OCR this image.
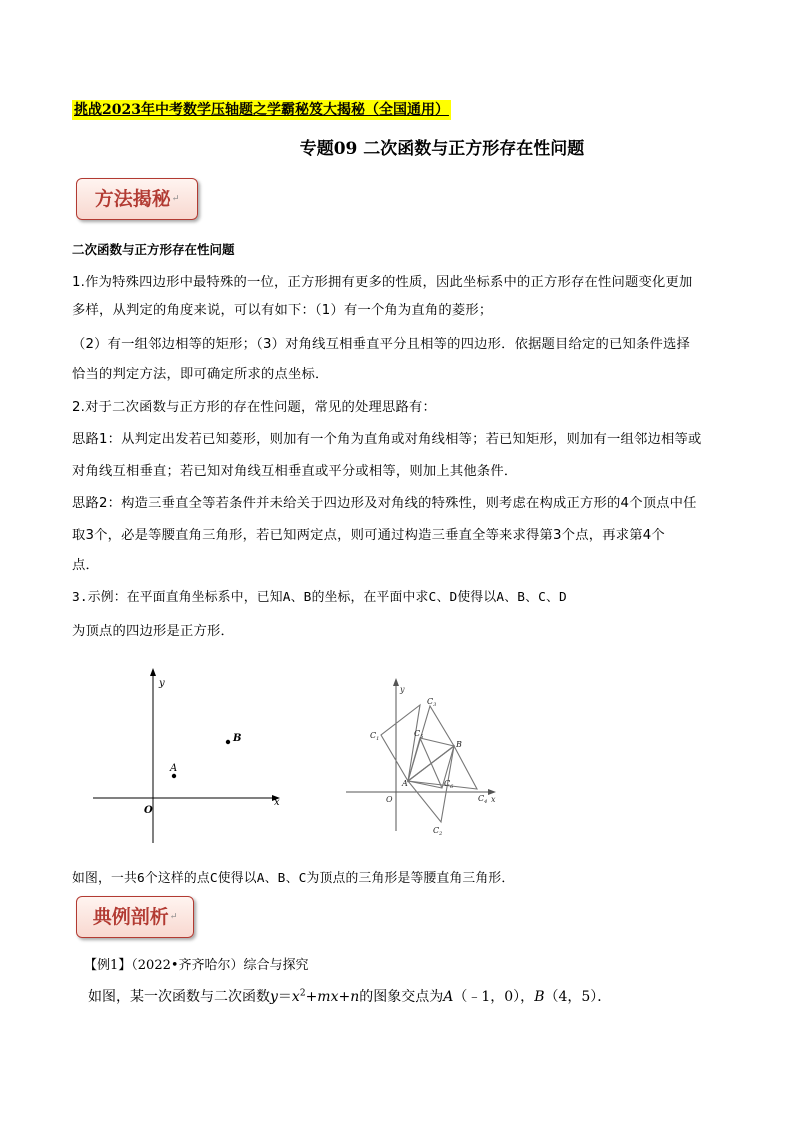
挑战2023年中考数学压轴题之学霸秘笈大揭秘（全国通用）
专题09 二次函数与正方形存在性问题
方法揭秘↵
二次函数与正方形存在性问题
1.作为特殊四边形中最特殊的一位，正方形拥有更多的性质，因此坐标系中的正方形存在性问题变化更加
多样，从判定的角度来说，可以有如下：（1）有一个角为直角的菱形；
（2）有一组邻边相等的矩形；（3）对角线互相垂直平分且相等的四边形．依据题目给定的已知条件选择
恰当的判定方法，即可确定所求的点坐标．
2.对于二次函数与正方形的存在性问题，常见的处理思路有：
思路1：从判定出发若已知菱形，则加有一个角为直角或对角线相等；若已知矩形，则加有一组邻边相等或
对角线互相垂直；若已知对角线互相垂直或平分或相等，则加上其他条件．
思路2：构造三垂直全等若条件并未给关于四边形及对角线的特殊性，则考虑在构成正方形的4个顶点中任
取3个，必是等腰直角三角形，若已知两定点，则可通过构造三垂直全等来求得第3个点，再求第4个
点．
3.示例：在平面直角坐标系中，已知A、B的坐标，在平面中求C、D使得以A、B、C、D
为顶点的四边形是正方形．
y
x
O
A
B
y
x
O
A
B
$C_1$
$C_2$
$C_3$
$C_4$
$C_5$
$C_6$
如图，一共6个这样的点C使得以A、B、C为顶点的三角形是等腰直角三角形．
典例剖析↵
【例1】（2022•齐齐哈尔）综合与探究
如图，某一次函数与二次函数$y=x^2+mx+n$的图象交点为A（﹣1，0），B（4，5）．
